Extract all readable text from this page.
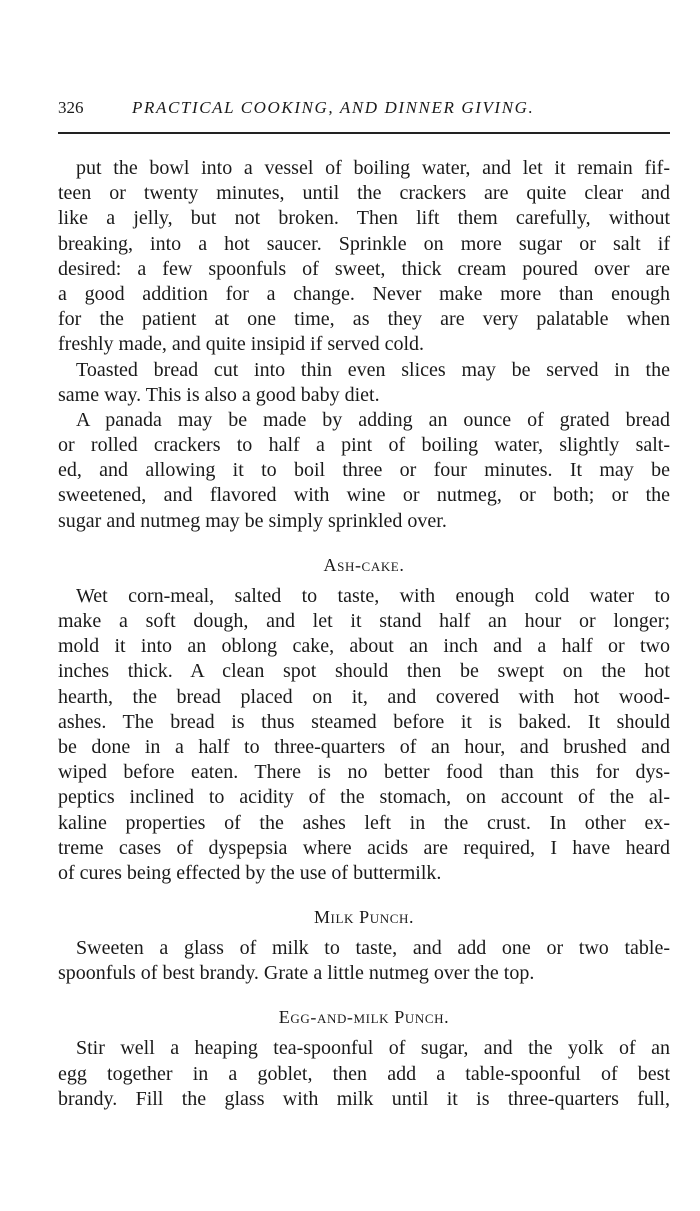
326	PRACTICAL COOKING, AND DINNER GIVING.
put the bowl into a vessel of boiling water, and let it remain fif-
teen or twenty minutes, until the crackers are quite clear and
like a jelly, but not broken. Then lift them carefully, without
breaking, into a hot saucer. Sprinkle on more sugar or salt if
desired: a few spoonfuls of sweet, thick cream poured over are
a good addition for a change. Never make more than enough
for the patient at one time, as they are very palatable when
freshly made, and quite insipid if served cold.
Toasted bread cut into thin even slices may be served in the
same way. This is also a good baby diet.
A panada may be made by adding an ounce of grated bread
or rolled crackers to half a pint of boiling water, slightly salt-
ed, and allowing it to boil three or four minutes. It may be
sweetened, and flavored with wine or nutmeg, or both; or the
sugar and nutmeg may be simply sprinkled over.
Ash-cake.
Wet corn-meal, salted to taste, with enough cold water to
make a soft dough, and let it stand half an hour or longer;
mold it into an oblong cake, about an inch and a half or two
inches thick. A clean spot should then be swept on the hot
hearth, the bread placed on it, and covered with hot wood-
ashes. The bread is thus steamed before it is baked. It should
be done in a half to three-quarters of an hour, and brushed and
wiped before eaten. There is no better food than this for dys-
peptics inclined to acidity of the stomach, on account of the al-
kaline properties of the ashes left in the crust. In other ex-
treme cases of dyspepsia where acids are required, I have heard
of cures being effected by the use of buttermilk.
Milk Punch.
Sweeten a glass of milk to taste, and add one or two table-
spoonfuls of best brandy. Grate a little nutmeg over the top.
Egg-and-milk Punch.
Stir well a heaping tea-spoonful of sugar, and the yolk of an
egg together in a goblet, then add a table-spoonful of best
brandy. Fill the glass with milk until it is three-quarters full,
